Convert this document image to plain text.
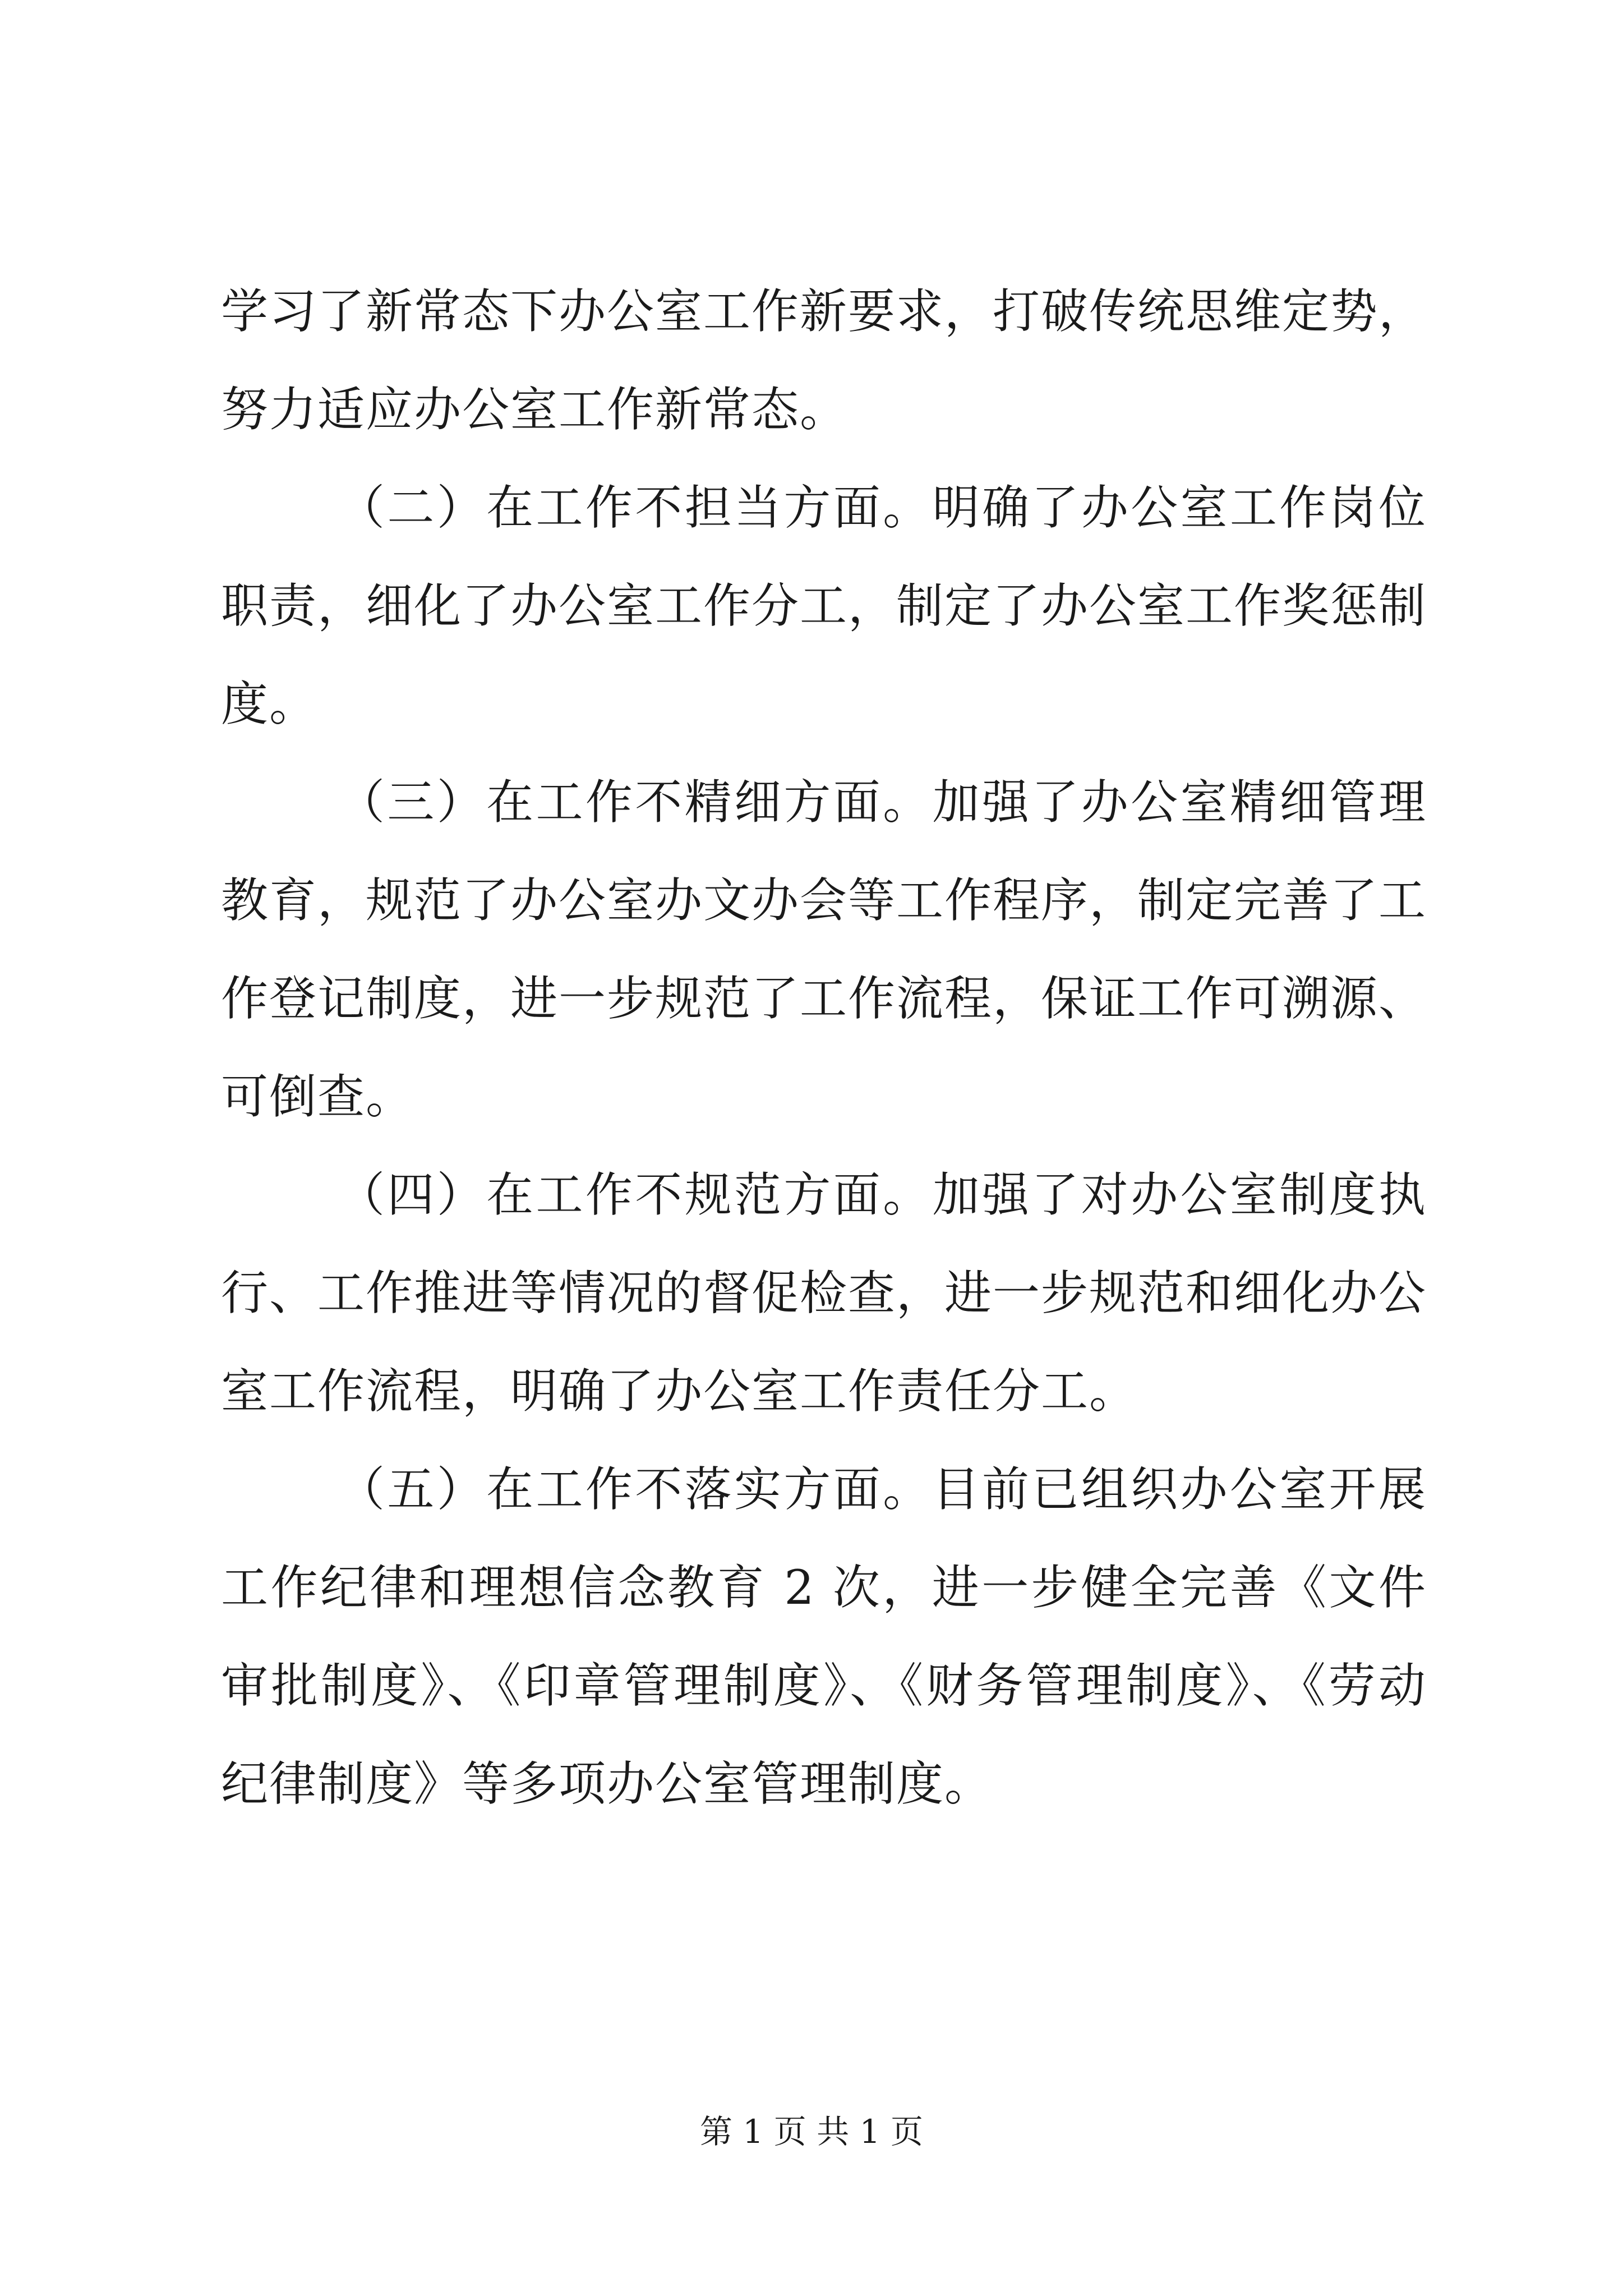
学习了新常态下办公室工作新要求，打破传统思维定势，努力适应办公室工作新常态。

（二）在工作不担当方面。明确了办公室工作岗位职责，细化了办公室工作分工，制定了办公室工作奖惩制度。

（三）在工作不精细方面。加强了办公室精细管理教育，规范了办公室办文办会等工作程序，制定完善了工作登记制度，进一步规范了工作流程，保证工作可溯源、可倒查。

（四）在工作不规范方面。加强了对办公室制度执行、工作推进等情况的督促检查，进一步规范和细化办公室工作流程，明确了办公室工作责任分工。

（五）在工作不落实方面。目前已组织办公室开展工作纪律和理想信念教育 2 次，进一步健全完善《文件审批制度》、《印章管理制度》、《财务管理制度》、《劳动纪律制度》等多项办公室管理制度。

第 1 页 共 1 页
